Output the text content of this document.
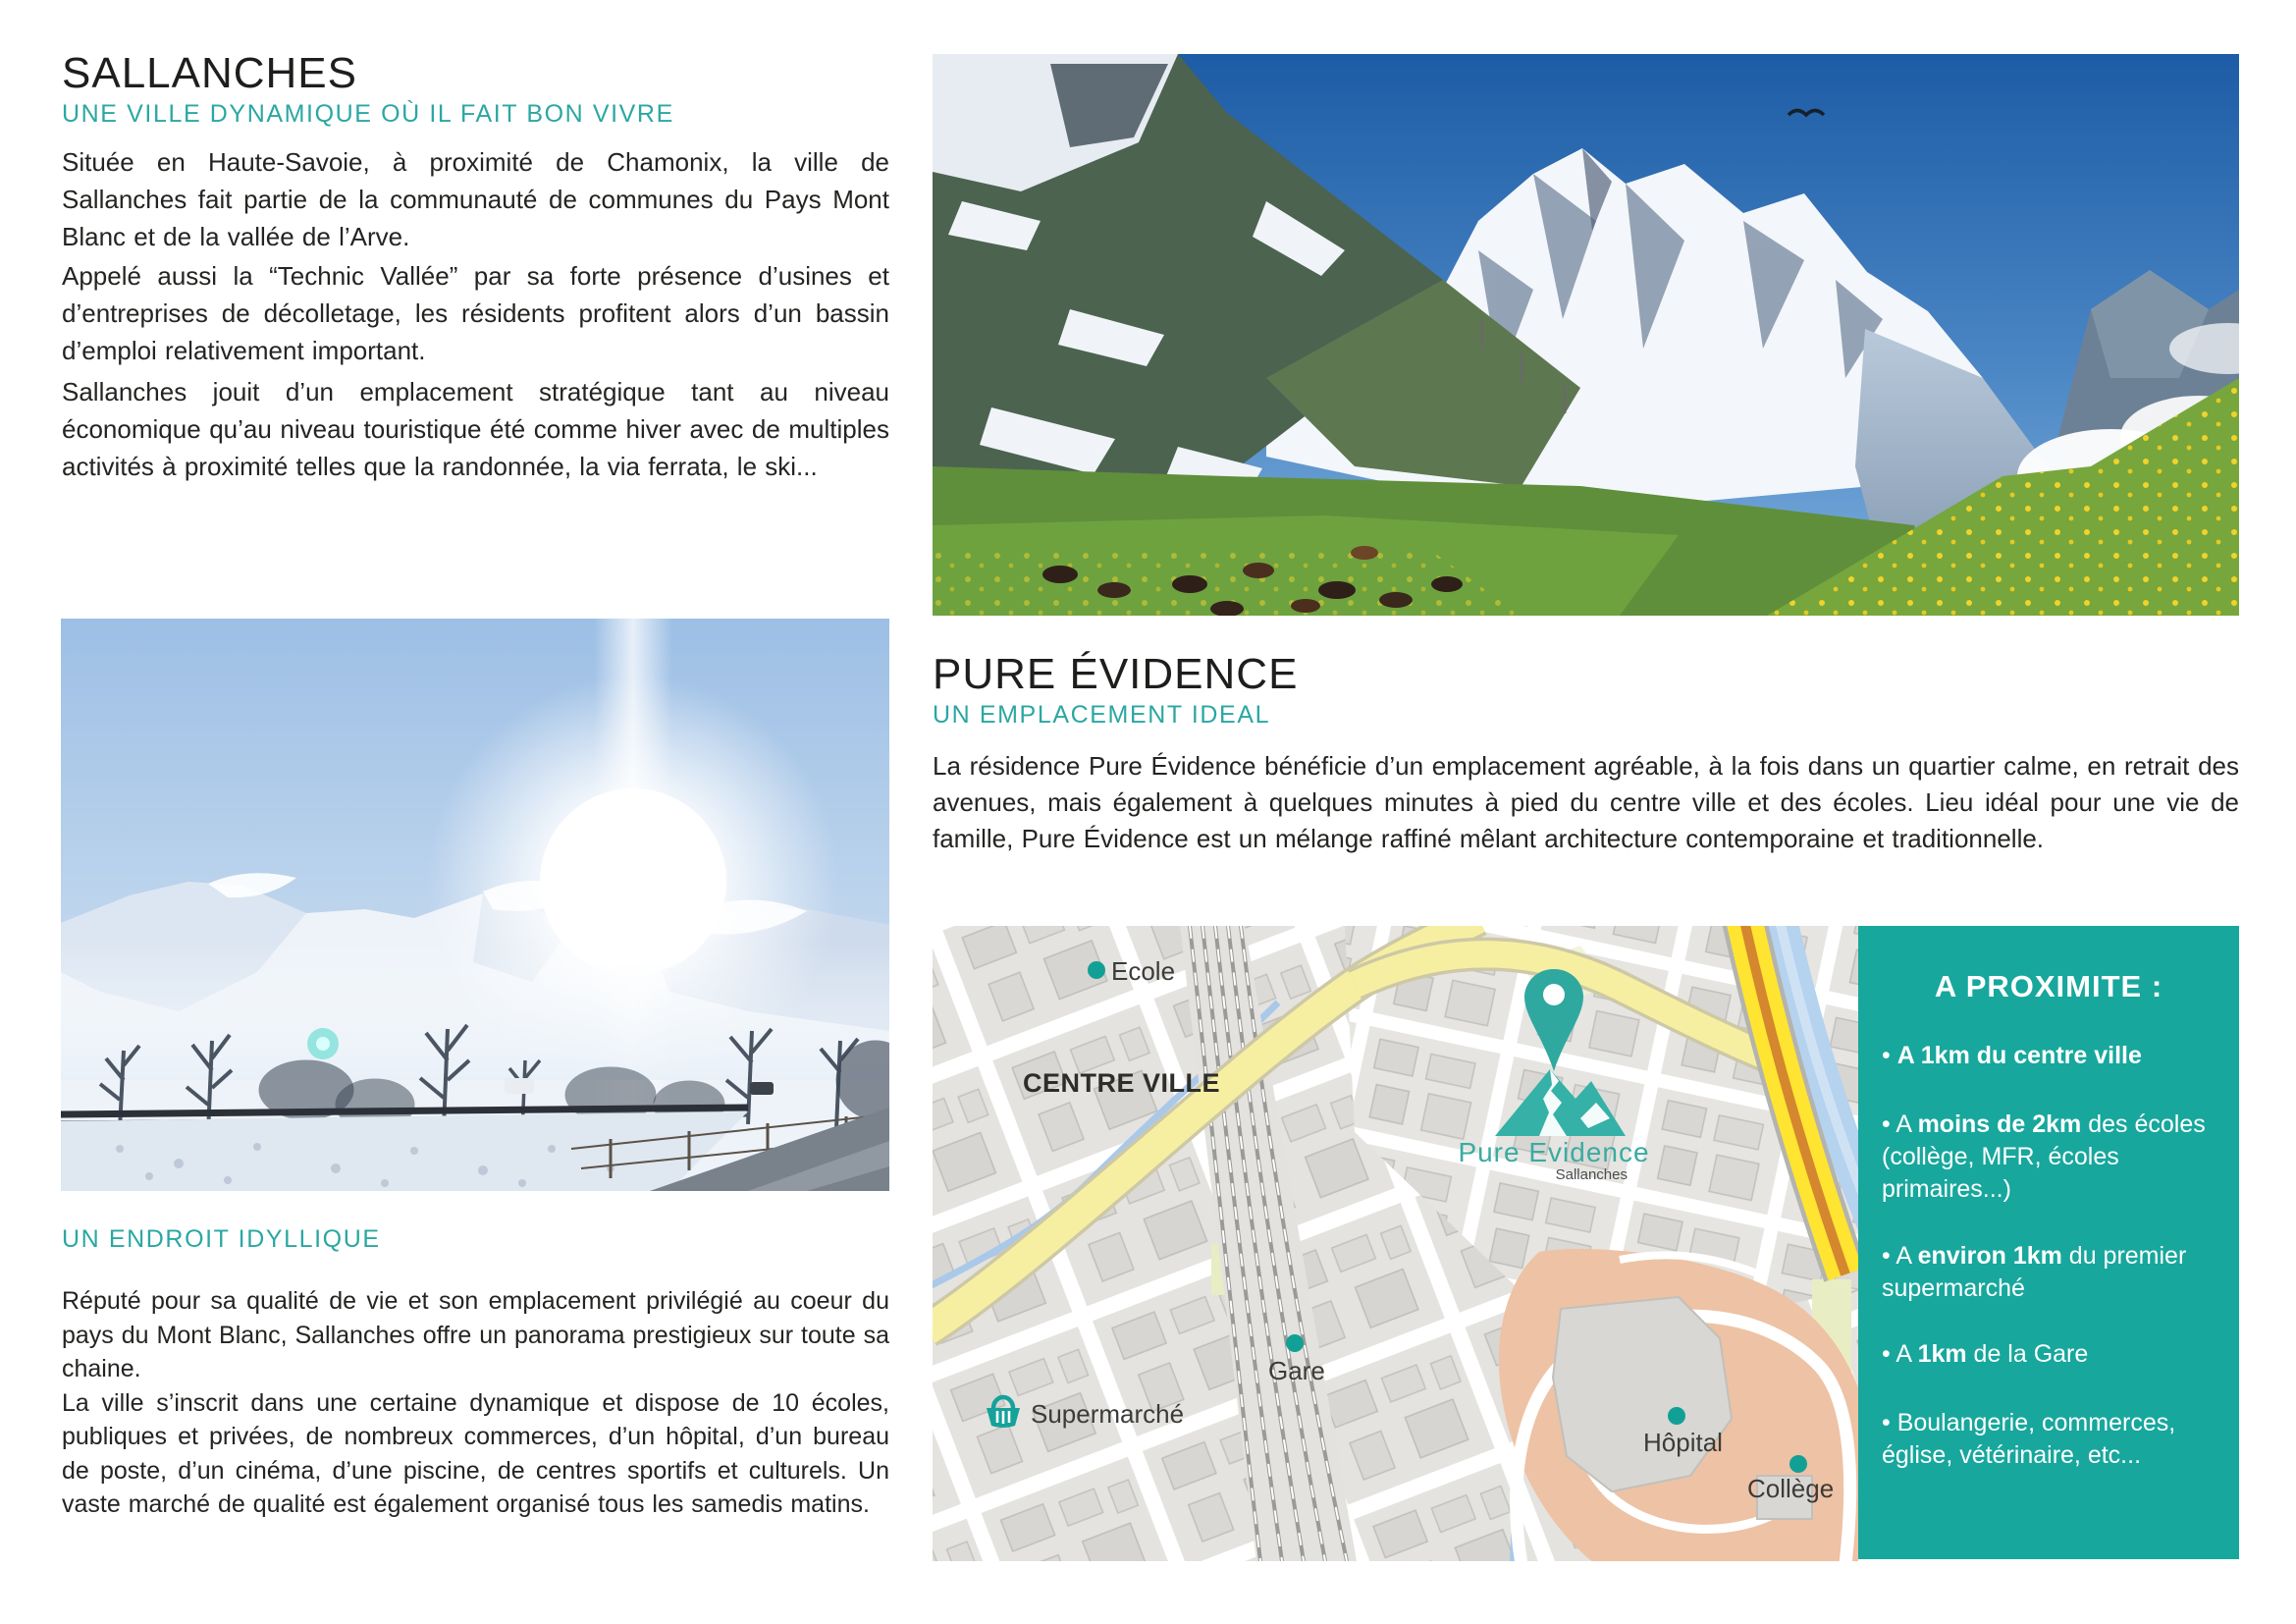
SALLANCHES
UNE VILLE DYNAMIQUE OÙ IL FAIT BON VIVRE
Située en Haute-Savoie, à proximité de Chamonix, la ville de Sallanches fait partie de la communauté de communes du Pays Mont Blanc et de la vallée de l’Arve.
Appelé aussi la “Technic Vallée” par sa forte présence d’usines et d’entreprises de décolletage, les résidents profitent alors d’un bassin d’emploi relativement important.
Sallanches jouit d’un emplacement stratégique tant au niveau économique qu’au niveau touristique été comme hiver avec de multiples activités à proximité telles que la randonnée, la via ferrata, le ski...
UN ENDROIT IDYLLIQUE

Réputé pour sa qualité de vie et son emplacement privilégié au coeur du pays du Mont Blanc, Sallanches offre un panorama prestigieux sur toute sa chaine.

La ville s’inscrit dans une certaine dynamique et dispose de 10 écoles, publiques et privées, de nombreux commerces, d’un hôpital, d’un bureau de poste, d’un cinéma, d’une piscine, de centres sportifs et culturels. Un vaste marché de qualité est également organisé tous les samedis matins.

PURE ÉVIDENCE
UN EMPLACEMENT IDEAL
La résidence Pure Évidence bénéficie d’un emplacement agréable, à la fois dans un quartier calme, en retrait des avenues, mais également à quelques minutes à pied du centre ville et des écoles. Lieu idéal pour une vie de famille, Pure Évidence est un mélange raffiné mêlant architecture contemporaine et traditionnelle.
Ecole
CENTRE VILLE
Gare
Supermarché
Hôpital
Collège
Pure Evidence
Sallanches
A PROXIMITE :
• A 1km du centre ville
• A moins de 2km des écoles (collège, MFR, écoles primaires...)
• A environ 1km du premier supermarché
• A 1km de la Gare
• Boulangerie, commerces, église, vétérinaire, etc...
